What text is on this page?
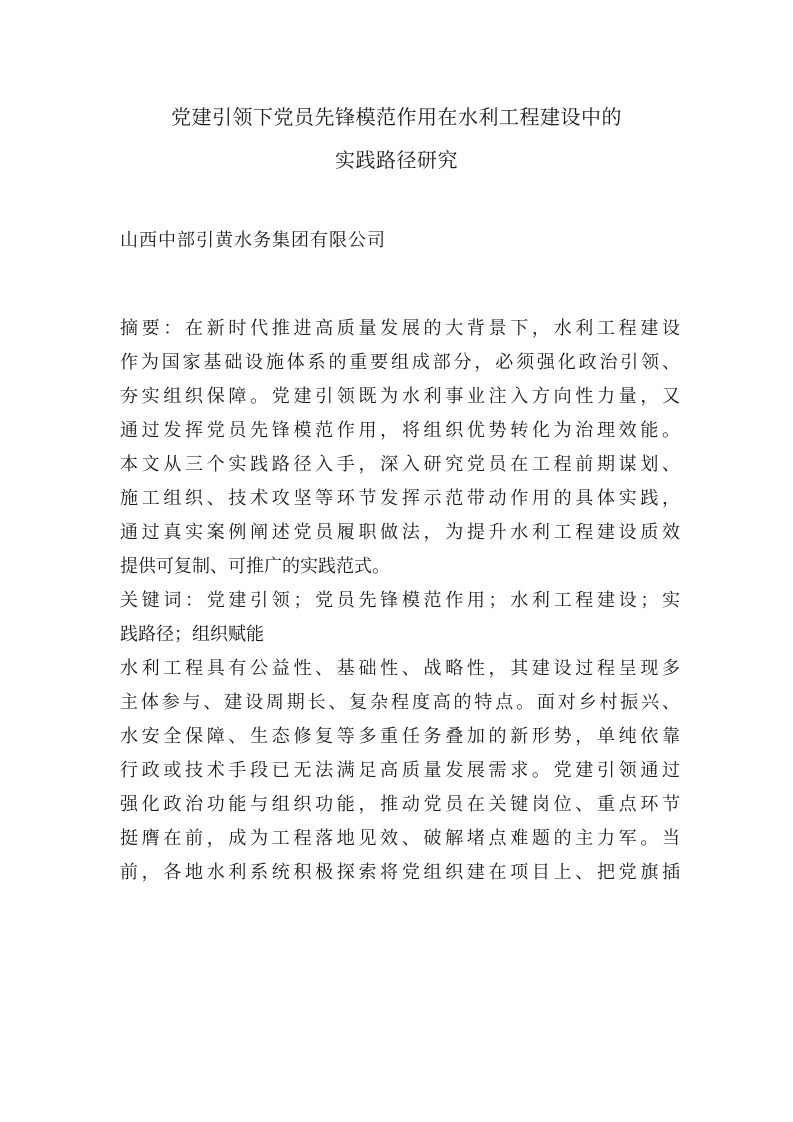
党建引领下党员先锋模范作用在水利工程建设中的
实践路径研究
山西中部引黄水务集团有限公司
摘要：在新时代推进高质量发展的大背景下，水利工程建设
作为国家基础设施体系的重要组成部分，必须强化政治引领、
夯实组织保障。党建引领既为水利事业注入方向性力量，又
通过发挥党员先锋模范作用，将组织优势转化为治理效能。
本文从三个实践路径入手，深入研究党员在工程前期谋划、
施工组织、技术攻坚等环节发挥示范带动作用的具体实践，
通过真实案例阐述党员履职做法，为提升水利工程建设质效
提供可复制、可推广的实践范式。
关键词：党建引领；党员先锋模范作用；水利工程建设；实
践路径；组织赋能
水利工程具有公益性、基础性、战略性，其建设过程呈现多
主体参与、建设周期长、复杂程度高的特点。面对乡村振兴、
水安全保障、生态修复等多重任务叠加的新形势，单纯依靠
行政或技术手段已无法满足高质量发展需求。党建引领通过
强化政治功能与组织功能，推动党员在关键岗位、重点环节
挺膺在前，成为工程落地见效、破解堵点难题的主力军。当
前，各地水利系统积极探索将党组织建在项目上、把党旗插
